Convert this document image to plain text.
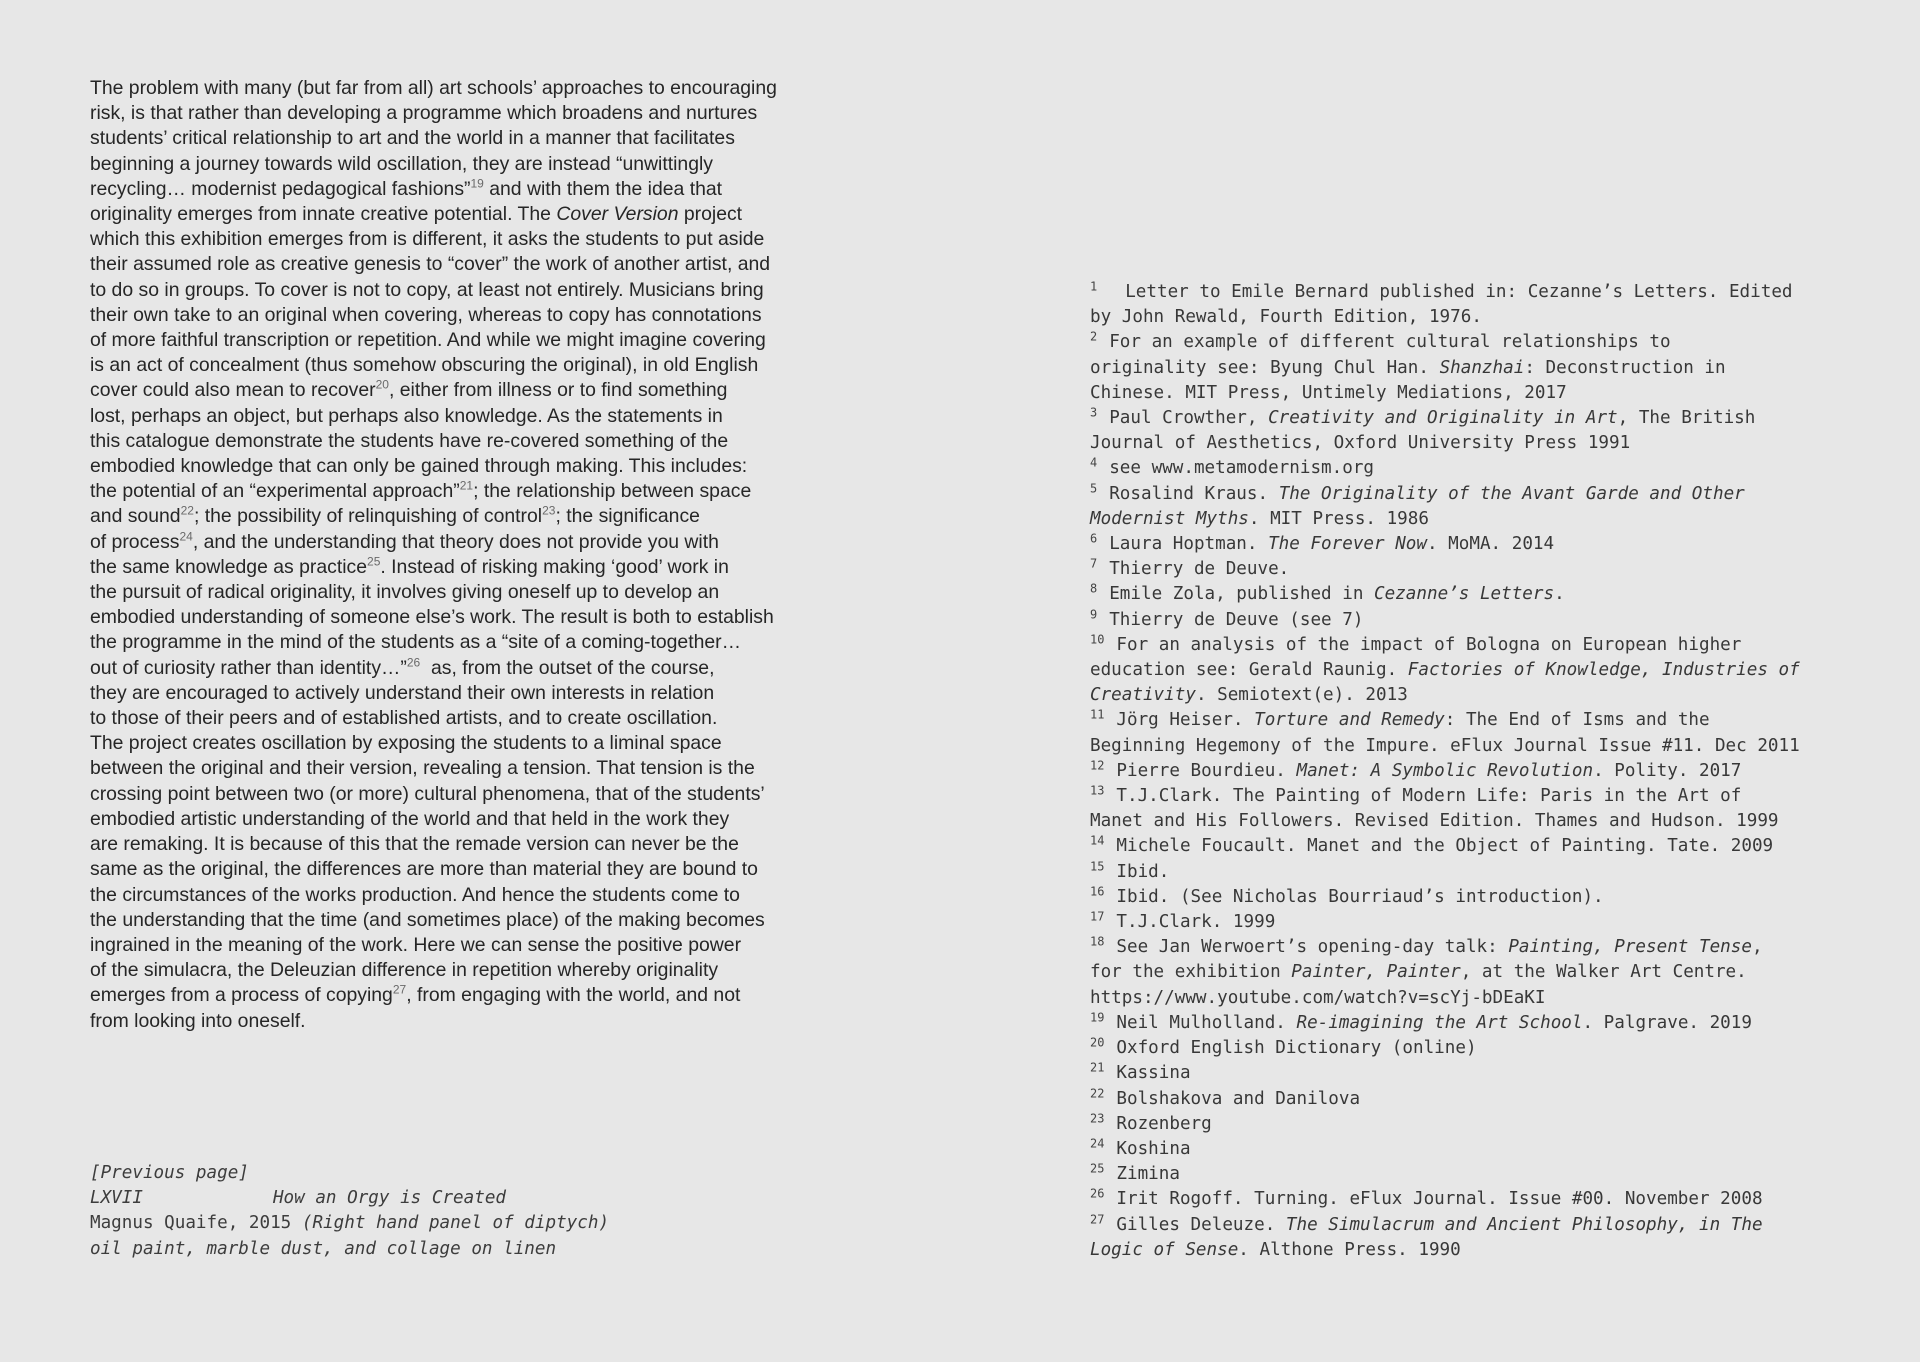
The problem with many (but far from all) art schools’ approaches to encouraging
risk, is that rather than developing a programme which broadens and nurtures
students’ critical relationship to art and the world in a manner that facilitates
beginning a journey towards wild oscillation, they are instead “unwittingly
recycling… modernist pedagogical fashions”$^{19}$ and with them the idea that
originality emerges from innate creative potential. The Cover Version project
which this exhibition emerges from is different, it asks the students to put aside
their assumed role as creative genesis to “cover” the work of another artist, and
to do so in groups. To cover is not to copy, at least not entirely. Musicians bring
their own take to an original when covering, whereas to copy has connotations
of more faithful transcription or repetition. And while we might imagine covering
is an act of concealment (thus somehow obscuring the original), in old English
cover could also mean to recover$^{20}$, either from illness or to find something
lost, perhaps an object, but perhaps also knowledge. As the statements in
this catalogue demonstrate the students have re-covered something of the
embodied knowledge that can only be gained through making. This includes:
the potential of an “experimental approach”$^{21}$; the relationship between space
and sound$^{22}$; the possibility of relinquishing of control$^{23}$; the significance
of process$^{24}$, and the understanding that theory does not provide you with
the same knowledge as practice$^{25}$. Instead of risking making ‘good’ work in
the pursuit of radical originality, it involves giving oneself up to develop an
embodied understanding of someone else’s work. The result is both to establish
the programme in the mind of the students as a “site of a coming-together…
out of curiosity rather than identity…”$^{26}$  as, from the outset of the course,
they are encouraged to actively understand their own interests in relation
to those of their peers and of established artists, and to create oscillation.
The project creates oscillation by exposing the students to a liminal space
between the original and their version, revealing a tension. That tension is the
crossing point between two (or more) cultural phenomena, that of the students’
embodied artistic understanding of the world and that held in the work they
are remaking. It is because of this that the remade version can never be the
same as the original, the differences are more than material they are bound to
the circumstances of the works production. And hence the students come to
the understanding that the time (and sometimes place) of the making becomes
ingrained in the meaning of the work. Here we can sense the positive power
of the simulacra, the Deleuzian difference in repetition whereby originality
emerges from a process of copying$^{27}$, from engaging with the world, and not
from looking into oneself.
[Previous page]
LXVII	How an Orgy is Created
Magnus Quaife, 2015 (Right hand panel of diptych)
oil paint, marble dust, and collage on linen
$^1$ Letter to Emile Bernard published in: Cezanne’s Letters. Edited
by John Rewald, Fourth Edition, 1976.
$^2$ For an example of different cultural relationships to
originality see: Byung Chul Han. Shanzhai: Deconstruction in
Chinese. MIT Press, Untimely Mediations, 2017
$^3$ Paul Crowther, Creativity and Originality in Art, The British
Journal of Aesthetics, Oxford University Press 1991
$^4$ see www.metamodernism.org
$^5$ Rosalind Kraus. The Originality of the Avant Garde and Other
Modernist Myths. MIT Press. 1986
$^6$ Laura Hoptman. The Forever Now. MoMA. 2014
$^7$ Thierry de Deuve.
$^8$ Emile Zola, published in Cezanne’s Letters.
$^9$ Thierry de Deuve (see 7)
$^{10}$ For an analysis of the impact of Bologna on European higher
education see: Gerald Raunig. Factories of Knowledge, Industries of
Creativity. Semiotext(e). 2013
$^{11}$ Jörg Heiser. Torture and Remedy: The End of Isms and the
Beginning Hegemony of the Impure. eFlux Journal Issue #11. Dec 2011
$^{12}$ Pierre Bourdieu. Manet: A Symbolic Revolution. Polity. 2017
$^{13}$ T.J.Clark. The Painting of Modern Life: Paris in the Art of
Manet and His Followers. Revised Edition. Thames and Hudson. 1999
$^{14}$ Michele Foucault. Manet and the Object of Painting. Tate. 2009
$^{15}$ Ibid.
$^{16}$ Ibid. (See Nicholas Bourriaud’s introduction).
$^{17}$ T.J.Clark. 1999
$^{18}$ See Jan Werwoert’s opening-day talk: Painting, Present Tense,
for the exhibition Painter, Painter, at the Walker Art Centre.
https://www.youtube.com/watch?v=scYj-bDEaKI
$^{19}$ Neil Mulholland. Re-imagining the Art School. Palgrave. 2019
$^{20}$ Oxford English Dictionary (online)
$^{21}$ Kassina
$^{22}$ Bolshakova and Danilova
$^{23}$ Rozenberg
$^{24}$ Koshina
$^{25}$ Zimina
$^{26}$ Irit Rogoff. Turning. eFlux Journal. Issue #00. November 2008
$^{27}$ Gilles Deleuze. The Simulacrum and Ancient Philosophy, in The
Logic of Sense. Althone Press. 1990
